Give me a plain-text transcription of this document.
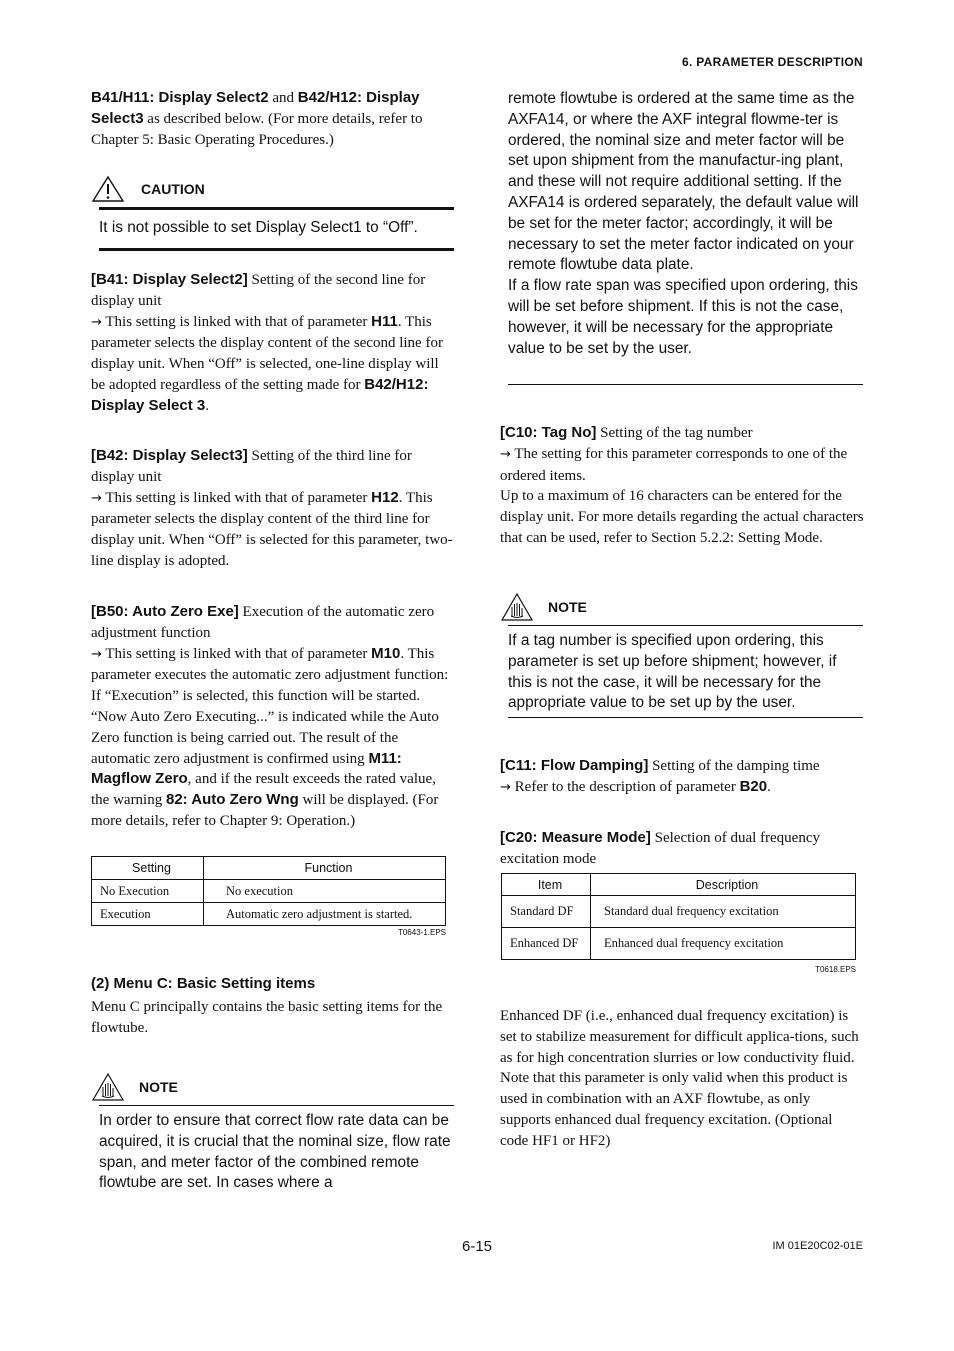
6. PARAMETER DESCRIPTION

B41/H11: Display Select2 and B42/H12: Display Select3 as described below. (For more details, refer to Chapter 5: Basic Operating Procedures.)

CAUTION
It is not possible to set Display Select1 to “Off”.

[B41: Display Select2] Setting of the second line for display unit

→ This setting is linked with that of parameter H11. This parameter selects the display content of the second line for display unit. When “Off” is selected, one-line display will be adopted regardless of the setting made for B42/H12: Display Select 3.

[B42: Display Select3] Setting of the third line for display unit

→ This setting is linked with that of parameter H12. This parameter selects the display content of the third line for display unit. When “Off” is selected for this parameter, two-line display is adopted.

[B50: Auto Zero Exe] Execution of the automatic zero adjustment function

→ This setting is linked with that of parameter M10. This parameter executes the automatic zero adjustment function: If “Execution” is selected, this function will be started. “Now Auto Zero Executing...” is indicated while the Auto Zero function is being carried out. The result of the automatic zero adjustment is confirmed using M11: Magflow Zero, and if the result exceeds the rated value, the warning 82: Auto Zero Wng will be displayed. (For more details, refer to Chapter 9: Operation.)

Setting	Function
No Execution	No execution
Execution	Automatic zero adjustment is started.
T0643-1.EPS
(2) Menu C: Basic Setting items
Menu C principally contains the basic setting items for the flowtube.
NOTE
In order to ensure that correct flow rate data can be acquired, it is crucial that the nominal size, flow rate span, and meter factor of the combined remote flowtube are set. In cases where a
remote flowtube is ordered at the same time as the AXFA14, or where the AXF integral flowme-ter is ordered, the nominal size and meter factor will be set upon shipment from the manufactur-ing plant, and these will not require additional setting. If the AXFA14 is ordered separately, the default value will be set for the meter factor; accordingly, it will be necessary to set the meter factor indicated on your remote flowtube data plate.
If a flow rate span was specified upon ordering, this will be set before shipment. If this is not the case, however, it will be necessary for the appropriate value to be set by the user.

[C10: Tag No] Setting of the tag number

→ The setting for this parameter corresponds to one of the ordered items.

Up to a maximum of 16 characters can be entered for the display unit. For more details regarding the actual characters that can be used, refer to Section 5.2.2: Setting Mode.

NOTE
If a tag number is specified upon ordering, this parameter is set up before shipment; however, if this is not the case, it will be necessary for the appropriate value to be set up by the user.

[C11: Flow Damping] Setting of the damping time

→ Refer to the description of parameter B20.

[C20: Measure Mode] Selection of dual frequency excitation mode

Item	Description
Standard DF	Standard dual frequency excitation
Enhanced DF	Enhanced dual frequency excitation
T0618.EPS
Enhanced DF (i.e., enhanced dual frequency excitation) is set to stabilize measurement for difficult applica-tions, such as for high concentration slurries or low conductivity fluid. Note that this parameter is only valid when this product is used in combination with an AXF flowtube, as only supports enhanced dual frequency excitation. (Optional code HF1 or HF2)
6-15	IM 01E20C02-01E
